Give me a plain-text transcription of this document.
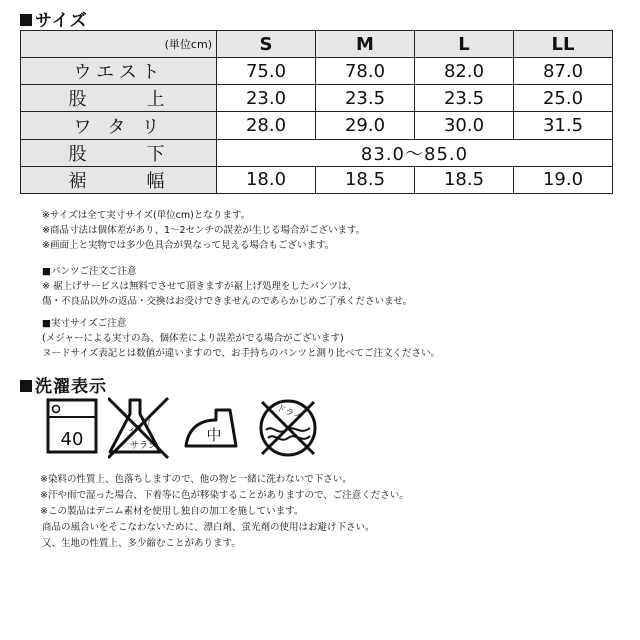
サイズ
(単位cm)	S	M	L	LL
ウエスト	75.0	78.0	82.0	87.0
股上	23.0	23.5	23.5	25.0
ワタリ	28.0	29.0	30.0	31.5
股下	83.0～85.0			
裾幅	18.0	18.5	18.5	19.0
※サイズは全て実寸サイズ(単位cm)となります。
※商品寸法は個体差があり、1～2センチの誤差が生じる場合がございます。
※画面上と実物では多少色具合が異なって見える場合もございます。
■パンツご注文ご注意
※ 裾上げサービスは無料でさせて頂きますが裾上げ処理をしたパンツは、
傷・不良品以外の返品・交換はお受けできませんのであらかじめご了承くださいませ。
■実寸サイズご注意
(メジャーによる実寸の為、個体差により誤差がでる場合がございます)
ヌードサイズ表記とは数値が違いますので、お手持ちのパンツと測り比べてご注文ください。
洗濯表示
40
エンソ
サラシ
中
ドライ
※染料の性質上、色落ちしますので、他の物と一緒に洗わないで下さい。
※汗や雨で湿った場合、下着等に色が移染することがありますので、ご注意ください。
※この製品はデニム素材を使用し独自の加工を施しています。
商品の風合いをそこなわないために、漂白剤、蛍光剤の使用はお避け下さい。
又、生地の性質上、多少縮むことがあります。
